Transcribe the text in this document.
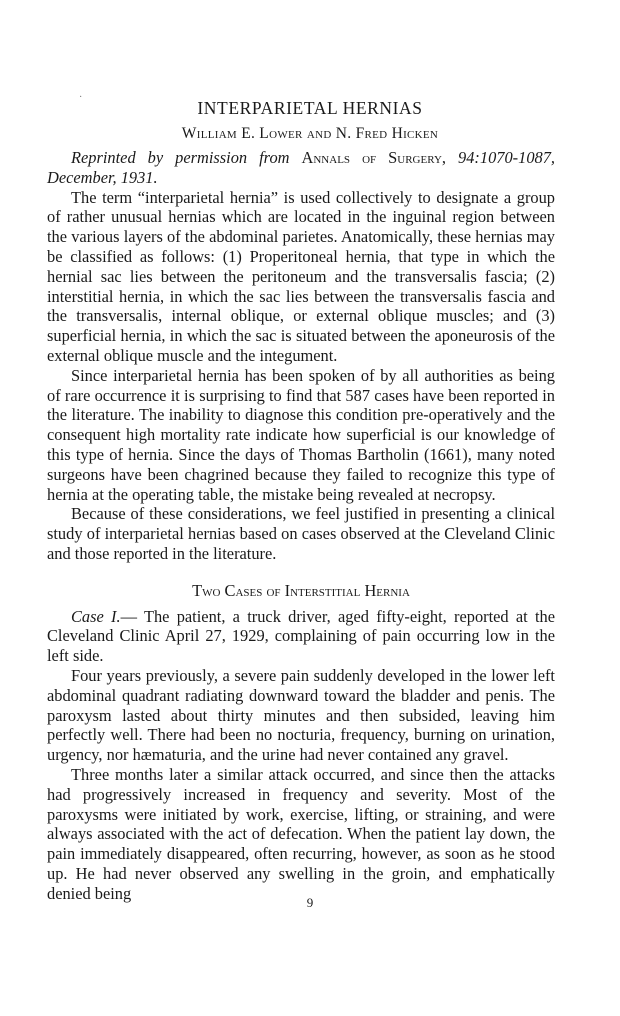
·
INTERPARIETAL HERNIAS
William E. Lower and N. Fred Hicken

Reprinted by permission from Annals of Surgery, 94:1070-1087, December, 1931.

The term “interparietal hernia” is used collectively to designate a group of rather unusual hernias which are located in the inguinal region between the various layers of the abdominal parietes. Anatomically, these hernias may be classified as follows: (1) Properitoneal hernia, that type in which the hernial sac lies between the peritoneum and the transversalis fascia; (2) interstitial hernia, in which the sac lies between the transversalis fascia and the transversalis, internal oblique, or external oblique muscles; and (3) superficial hernia, in which the sac is situated between the aponeurosis of the external oblique muscle and the integument.

Since interparietal hernia has been spoken of by all authorities as being of rare occurrence it is surprising to find that 587 cases have been reported in the literature. The inability to diagnose this condition pre-operatively and the consequent high mortality rate indicate how superficial is our knowledge of this type of hernia. Since the days of Thomas Bartholin (1661), many noted surgeons have been chagrined because they failed to recognize this type of hernia at the operating table, the mistake being revealed at necropsy.

Because of these considerations, we feel justified in presenting a clinical study of interparietal hernias based on cases observed at the Cleveland Clinic and those reported in the literature.

Two Cases of Interstitial Hernia

Case I.— The patient, a truck driver, aged fifty-eight, reported at the Cleveland Clinic April 27, 1929, complaining of pain occurring low in the left side.

Four years previously, a severe pain suddenly developed in the lower left abdominal quadrant radiating downward toward the bladder and penis. The paroxysm lasted about thirty minutes and then subsided, leaving him perfectly well. There had been no nocturia, frequency, burning on urination, urgency, nor hæmaturia, and the urine had never contained any gravel.

Three months later a similar attack occurred, and since then the attacks had progressively increased in frequency and severity. Most of the paroxysms were initiated by work, exercise, lifting, or straining, and were always associated with the act of defecation. When the patient lay down, the pain immediately disappeared, often recurring, however, as soon as he stood up. He had never observed any swelling in the groin, and emphatically denied being	9
